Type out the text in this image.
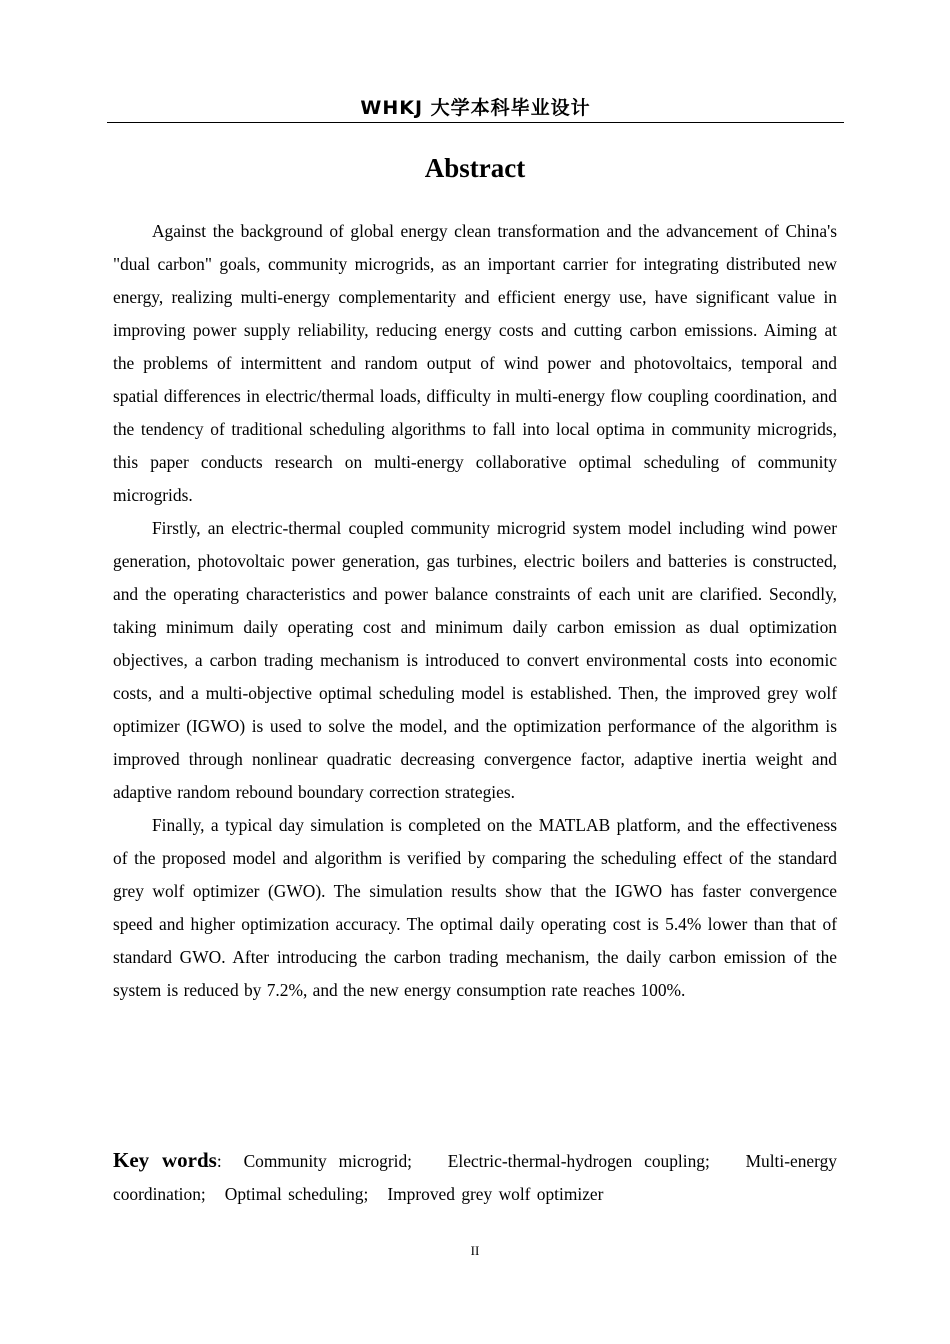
WHKJ 大学本科毕业设计
Abstract

Against the background of global energy clean transformation and the advancement of China's "dual carbon" goals, community microgrids, as an important carrier for integrating distributed new energy, realizing multi-energy complementarity and efficient energy use, have significant value in improving power supply reliability, reducing energy costs and cutting carbon emissions. Aiming at the problems of intermittent and random output of wind power and photovoltaics, temporal and spatial differences in electric/thermal loads, difficulty in multi-energy flow coupling coordination, and the tendency of traditional scheduling algorithms to fall into local optima in community microgrids, this paper conducts research on multi-energy collaborative optimal scheduling of community microgrids.

Firstly, an electric-thermal coupled community microgrid system model including wind power generation, photovoltaic power generation, gas turbines, electric boilers and batteries is constructed, and the operating characteristics and power balance constraints of each unit are clarified. Secondly, taking minimum daily operating cost and minimum daily carbon emission as dual optimization objectives, a carbon trading mechanism is introduced to convert environmental costs into economic costs, and a multi-objective optimal scheduling model is established. Then, the improved grey wolf optimizer (IGWO) is used to solve the model, and the optimization performance of the algorithm is improved through nonlinear quadratic decreasing convergence factor, adaptive inertia weight and adaptive random rebound boundary correction strategies.

Finally, a typical day simulation is completed on the MATLAB platform, and the effectiveness of the proposed model and algorithm is verified by comparing the scheduling effect of the standard grey wolf optimizer (GWO). The simulation results show that the IGWO has faster convergence speed and higher optimization accuracy. The optimal daily operating cost is 5.4% lower than that of standard GWO. After introducing the carbon trading mechanism, the daily carbon emission of the system is reduced by 7.2%, and the new energy consumption rate reaches 100%.

Key words: Community microgrid; Electric-thermal-hydrogen coupling; Multi-energy coordination; Optimal scheduling; Improved grey wolf optimizer

II
